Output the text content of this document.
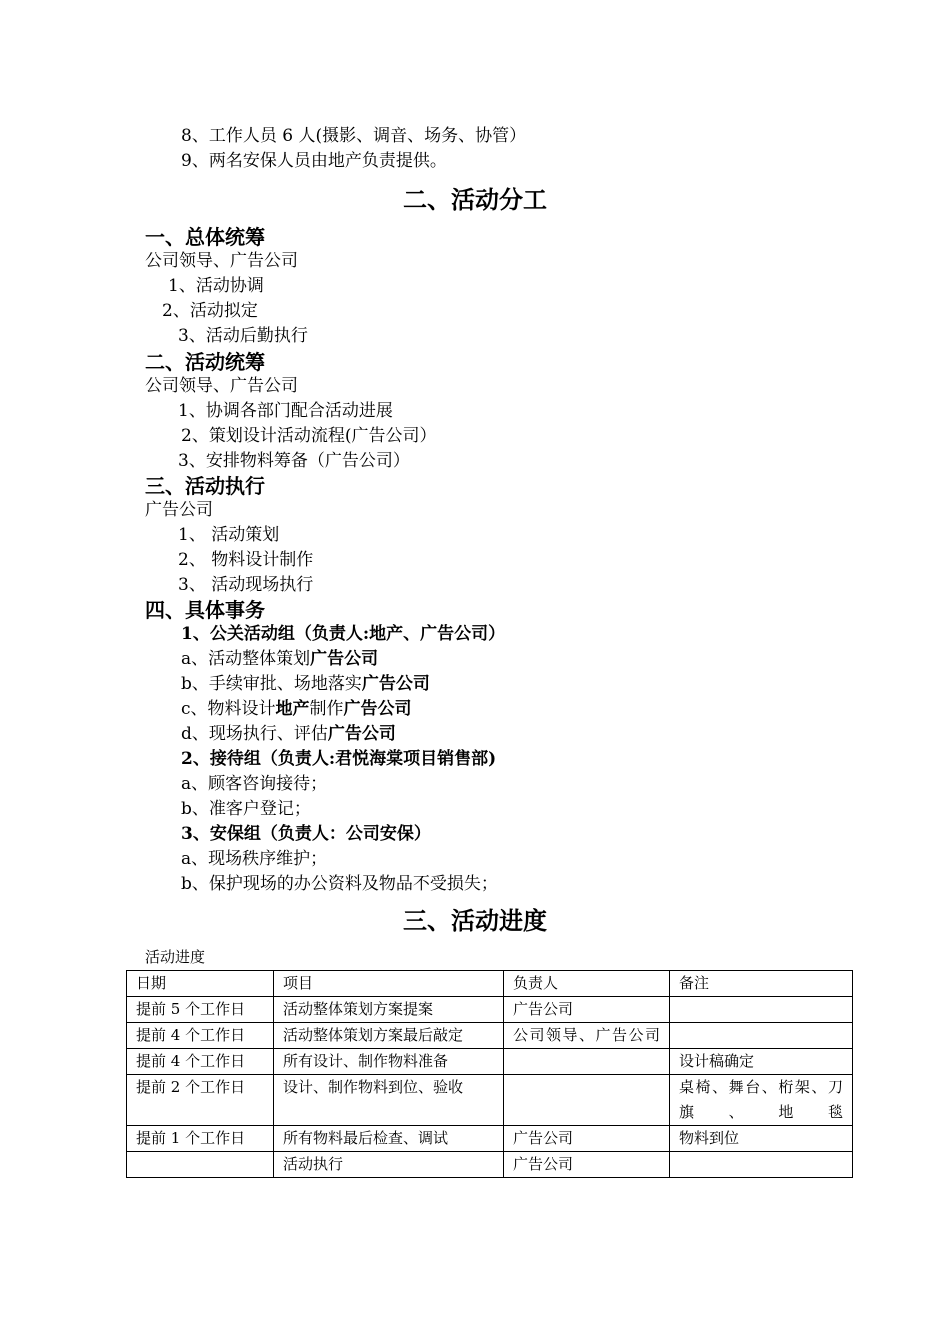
8、工作人员 6 人(摄影、调音、场务、协管）
9、两名安保人员由地产负责提供。
二、活动分工
一、总体统筹
公司领导、广告公司
1、活动协调
2、活动拟定
3、活动后勤执行
二、活动统筹
公司领导、广告公司
1、协调各部门配合活动进展
2、策划设计活动流程(广告公司）
3、安排物料筹备（广告公司）
三、活动执行
广告公司
1、 活动策划
2、 物料设计制作
3、 活动现场执行
四、具体事务
1、公关活动组（负责人:地产、广告公司）
a、活动整体策划广告公司
b、手续审批、场地落实广告公司
c、物料设计地产制作广告公司
d、现场执行、评估广告公司
2、接待组（负责人:君悦海棠项目销售部)
a、顾客咨询接待；
b、准客户登记；
3、安保组（负责人：公司安保）
a、现场秩序维护；
b、保护现场的办公资料及物品不受损失；
三、活动进度
活动进度
日期	项目	负责人	备注
提前 5 个工作日	活动整体策划方案提案	广告公司	
提前 4 个工作日	活动整体策划方案最后敲定	公司领导、广告公司	
提前 4 个工作日	所有设计、制作物料准备		设计稿确定
提前 2 个工作日	设计、制作物料到位、验收		桌椅、舞台、桁架、刀旗、地毯
提前 1 个工作日	所有物料最后检查、调试	广告公司	物料到位
	活动执行	广告公司	
